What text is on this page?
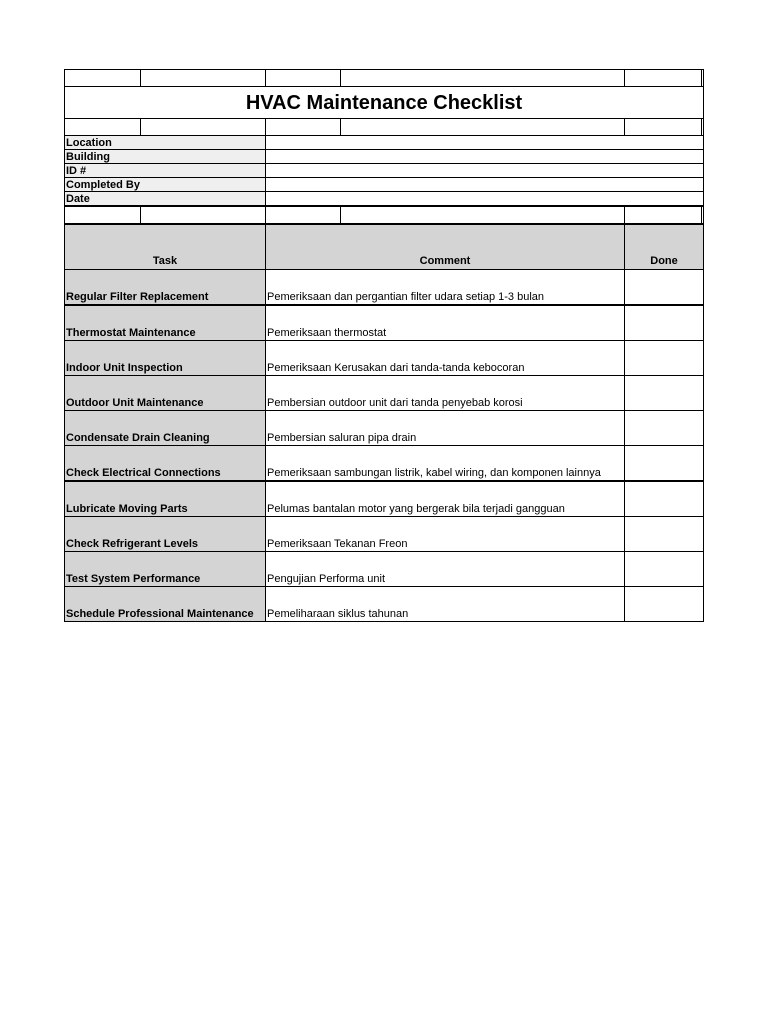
HVAC Maintenance Checklist					

Location					
Building					
ID #					
Completed By					
Date					

Task		Comment		Done	
Regular Filter Replacement		Pemeriksaan dan pergantian filter udara setiap 1-3 bulan			
Thermostat Maintenance		Pemeriksaan thermostat			
Indoor Unit Inspection		Pemeriksaan Kerusakan dari tanda-tanda kebocoran			
Outdoor Unit Maintenance		Pembersian outdoor unit dari tanda penyebab korosi			
Condensate Drain Cleaning		Pembersian saluran pipa drain			
Check Electrical Connections		Pemeriksaan sambungan listrik, kabel wiring, dan komponen lainnya			
Lubricate Moving Parts		Pelumas bantalan motor yang bergerak bila terjadi gangguan			
Check Refrigerant Levels		Pemeriksaan Tekanan Freon			
Test System Performance		Pengujian Performa unit			
Schedule Professional Maintenance		Pemeliharaan siklus tahunan			
